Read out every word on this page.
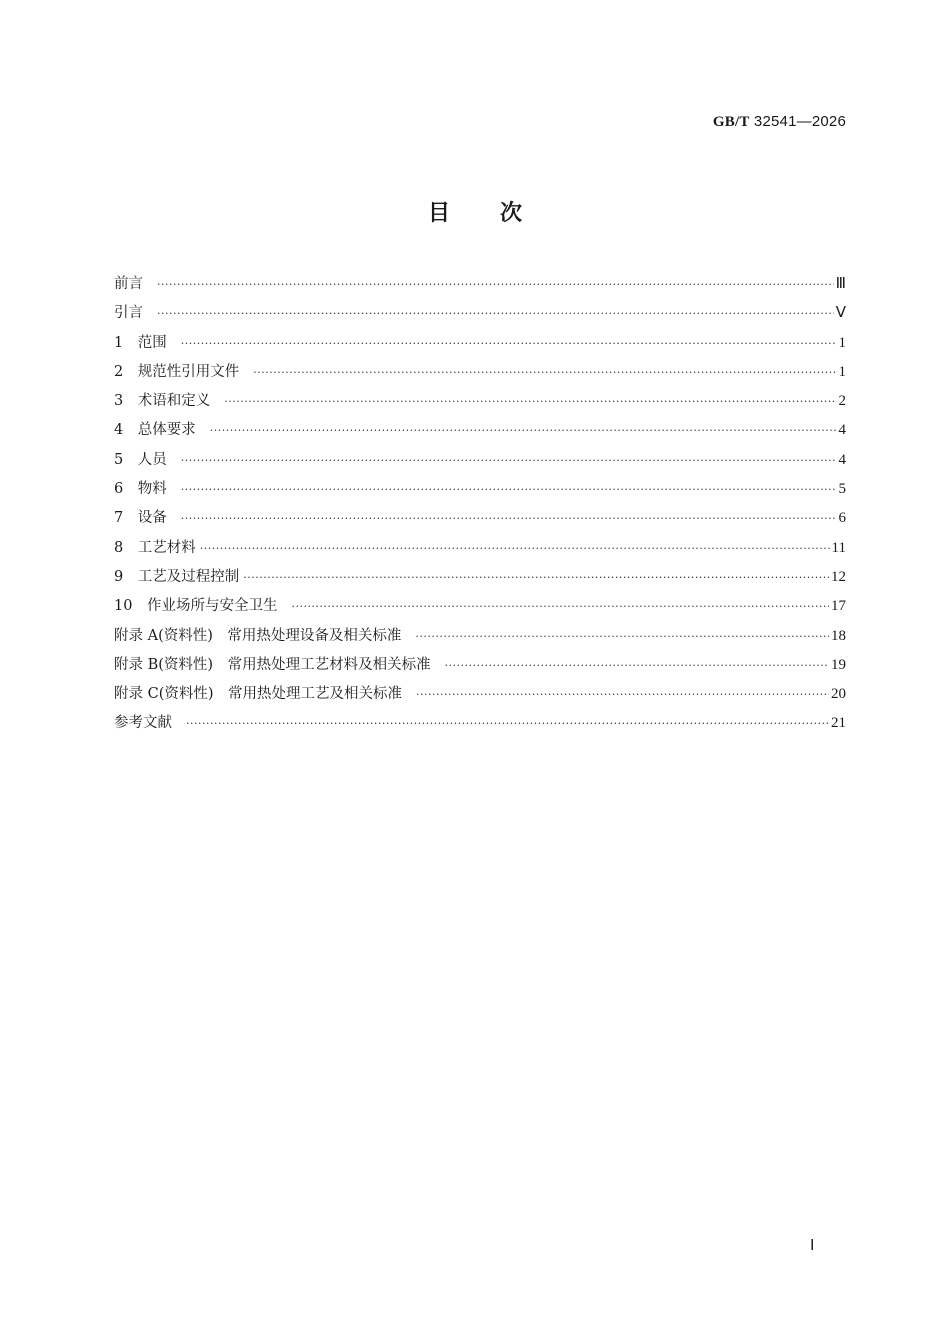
GB/T 32541—2026
目次
前言 ·····	Ⅲ
引言 ·····	Ⅴ
1　范围 ·····	1
2　规范性引用文件 ·····	1
3　术语和定义 ·····	2
4　总体要求 ·····	4
5　人员 ·····	4
6　物料 ·····	5
7　设备 ·····	6
8　工艺材料 ·····	11
9　工艺及过程控制 ·····	12
10　作业场所与安全卫生 ·····	17
附录 A(资料性)　常用热处理设备及相关标准 ·····	18
附录 B(资料性)　常用热处理工艺材料及相关标准 ·····	19
附录 C(资料性)　常用热处理工艺及相关标准 ·····	20
参考文献 ·····	21
Ⅰ
